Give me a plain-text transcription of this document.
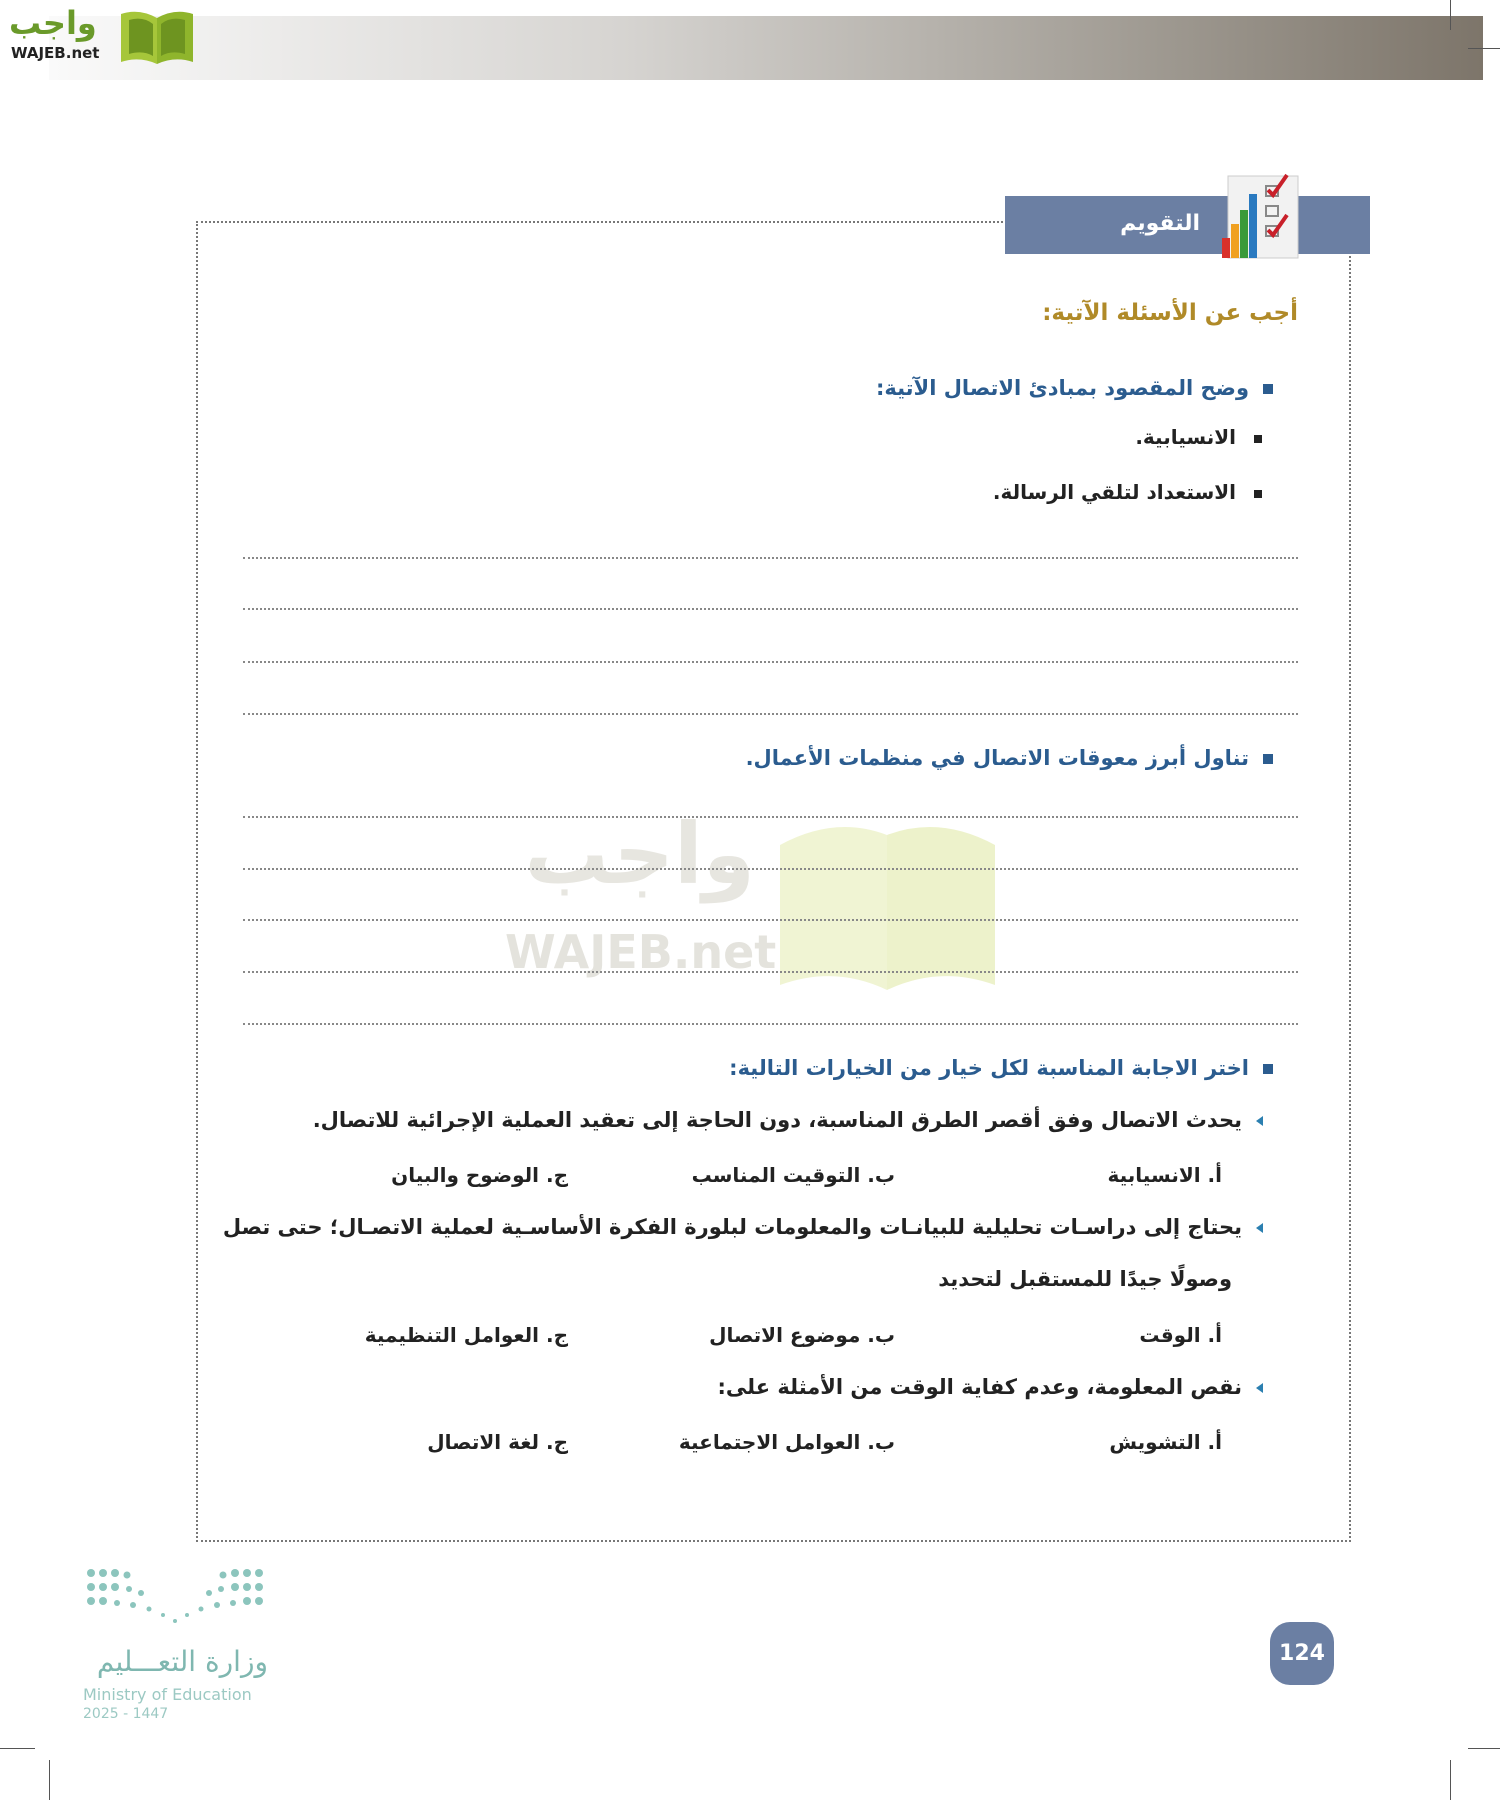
واجب
WAJEB.net
التقويم
أجب عن الأسئلة الآتية:
وضح المقصود بمبادئ الاتصال الآتية:
الانسيابية.
الاستعداد لتلقي الرسالة.
تناول أبرز معوقات الاتصال في منظمات الأعمال.
واجب
WAJEB.net
اختر الاجابة المناسبة لكل خيار من الخيارات التالية:
يحدث الاتصال وفق أقصر الطرق المناسبة، دون الحاجة إلى تعقيد العملية الإجرائية للاتصال.
أ. الانسيابية
ب. التوقيت المناسب
ج. الوضوح والبيان
يحتاج إلى دراسـات تحليلية للبيانـات والمعلومات لبلورة الفكرة الأساسـية لعملية الاتصـال؛ حتى تصل
وصولًا جيدًا للمستقبل لتحديد
أ. الوقت
ب. موضوع الاتصال
ج. العوامل التنظيمية
نقص المعلومة، وعدم كفاية الوقت من الأمثلة على:
أ. التشويش
ب. العوامل الاجتماعية
ج. لغة الاتصال
وزارة التعـــليم
Ministry of Education
2025 - 1447
124
